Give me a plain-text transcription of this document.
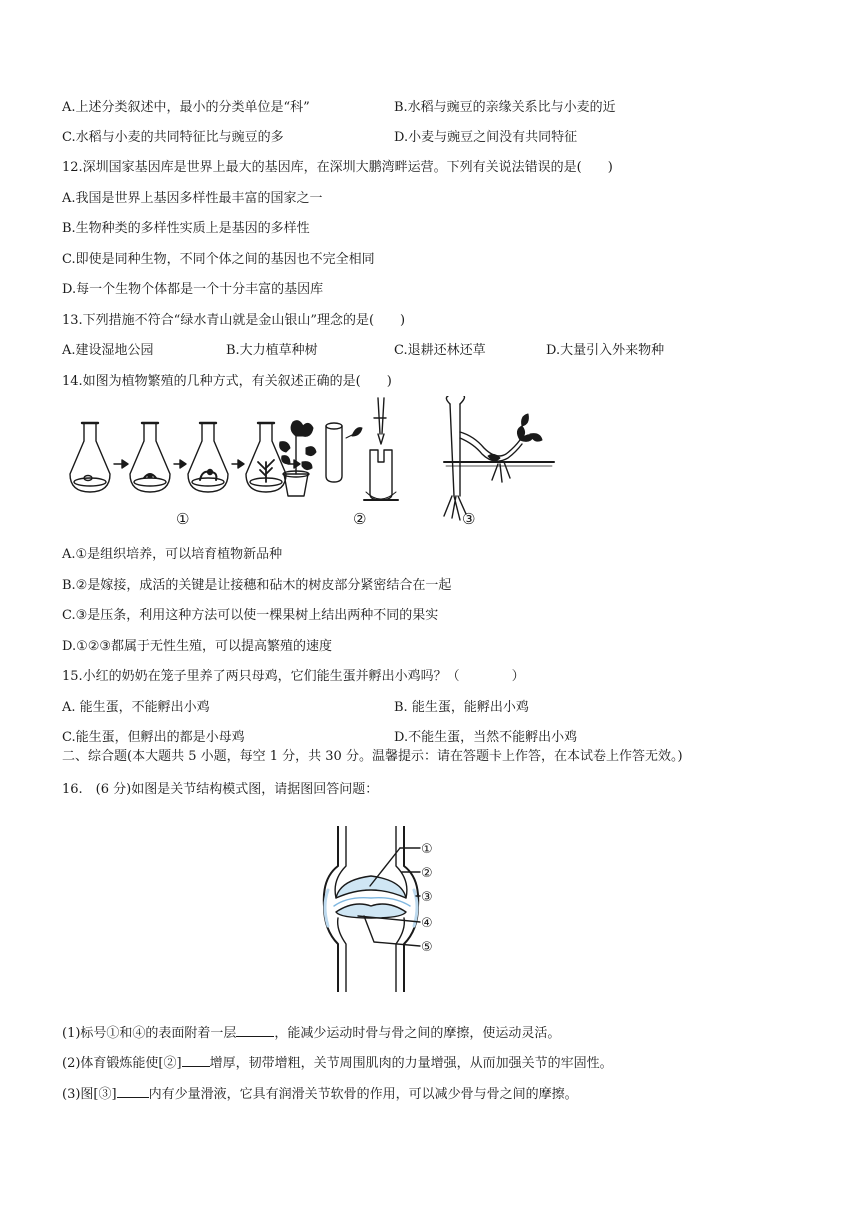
A.上述分类叙述中，最小的分类单位是“科”	B.水稻与豌豆的亲缘关系比与小麦的近
C.水稻与小麦的共同特征比与豌豆的多	D.小麦与豌豆之间没有共同特征
12.深圳国家基因库是世界上最大的基因库，在深圳大鹏湾畔运营。下列有关说法错误的是(　　)
A.我国是世界上基因多样性最丰富的国家之一
B.生物种类的多样性实质上是基因的多样性
C.即使是同种生物，不同个体之间的基因也不完全相同
D.每一个生物个体都是一个十分丰富的基因库
13.下列措施不符合“绿水青山就是金山银山”理念的是(　　)
A.建设湿地公园	B.大力植草种树	C.退耕还林还草	D.大量引入外来物种
14.如图为植物繁殖的几种方式，有关叙述正确的是(　　)
①	②	③
A.①是组织培养，可以培育植物新品种
B.②是嫁接，成活的关键是让接穗和砧木的树皮部分紧密结合在一起
C.③是压条，利用这种方法可以使一棵果树上结出两种不同的果实
D.①②③都属于无性生殖，可以提高繁殖的速度
15.小红的奶奶在笼子里养了两只母鸡，它们能生蛋并孵出小鸡吗？（　　　　）
A. 能生蛋，不能孵出小鸡	B. 能生蛋，能孵出小鸡
C.能生蛋，但孵出的都是小母鸡	D.不能生蛋，当然不能孵出小鸡
二、综合题(本大题共 5 小题，每空 1 分，共 30 分。温馨提示：请在答题卡上作答，在本试卷上作答无效。)
16.　(6 分)如图是关节结构模式图，请据图回答问题：
①
②
③
④
⑤
(1)标号①和④的表面附着一层	，能减少运动时骨与骨之间的摩擦，使运动灵活。
(2)体育锻炼能使[②] 增厚，韧带增粗，关节周围肌肉的力量增强，从而加强关节的牢固性。
(3)图[③] 内有少量滑液，它具有润滑关节软骨的作用，可以减少骨与骨之间的摩擦。
